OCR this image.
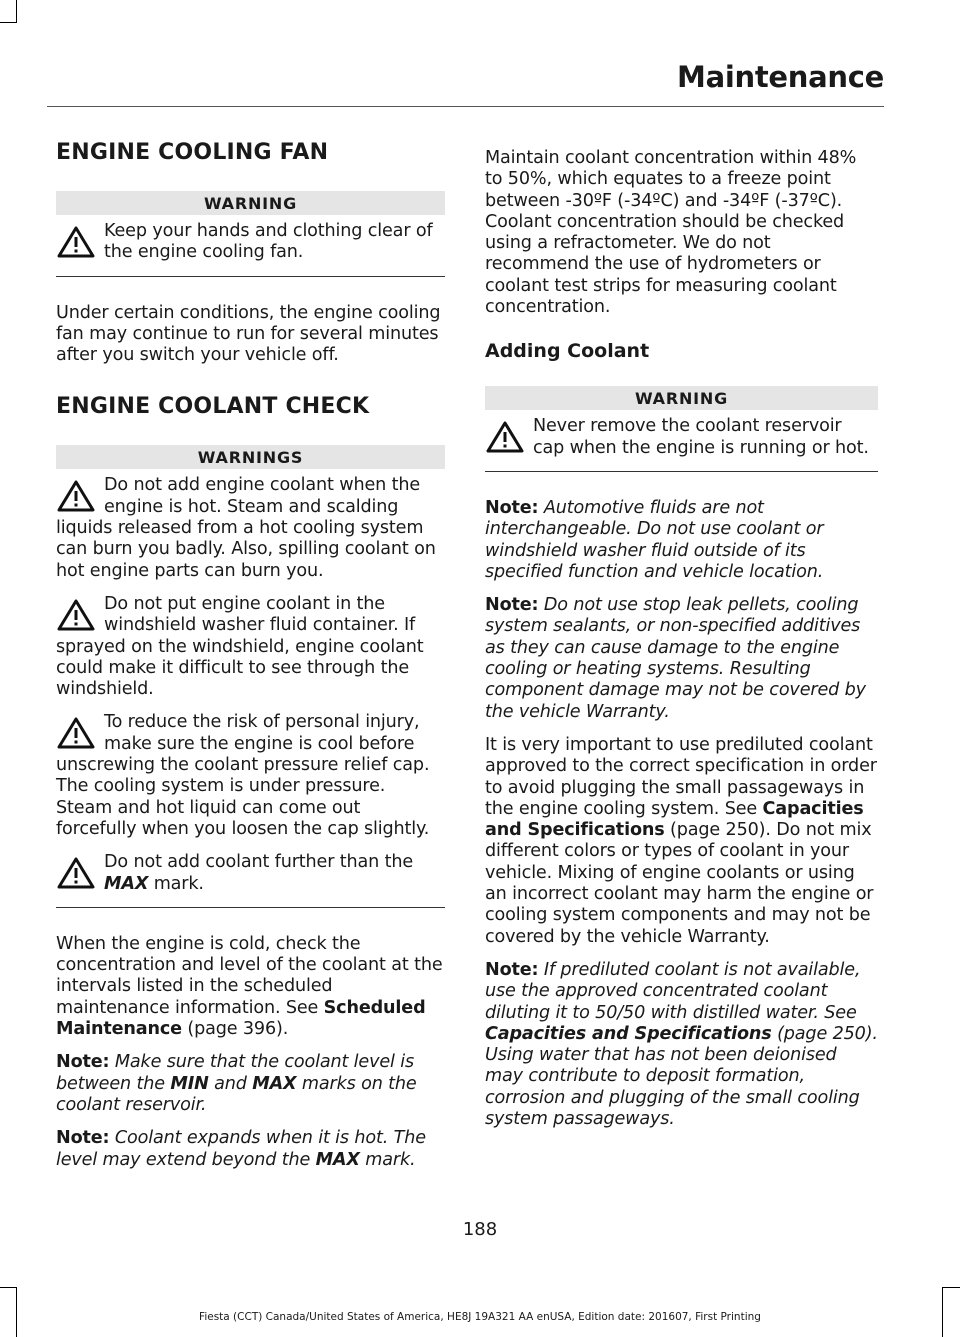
Maintenance
ENGINE COOLING FAN
WARNING
Keep your hands and clothing clear of the engine cooling fan.

Under certain conditions, the engine cooling fan may continue to run for several minutes after you switch your vehicle off.

ENGINE COOLANT CHECK
WARNINGS
Do not add engine coolant when the engine is hot. Steam and scalding liquids released from a hot cooling system can burn you badly. Also, spilling coolant on hot engine parts can burn you.
Do not put engine coolant in the windshield washer fluid container. If sprayed on the windshield, engine coolant could make it difficult to see through the windshield.
To reduce the risk of personal injury, make sure the engine is cool before unscrewing the coolant pressure relief cap. The cooling system is under pressure. Steam and hot liquid can come out forcefully when you loosen the cap slightly.
Do not add coolant further than the MAX mark.

When the engine is cold, check the concentration and level of the coolant at the intervals listed in the scheduled maintenance information. See Scheduled Maintenance (page 396).

Note: Make sure that the coolant level is between the MIN and MAX marks on the coolant reservoir.

Note: Coolant expands when it is hot. The level may extend beyond the MAX mark.

Maintain coolant concentration within 48% to 50%, which equates to a freeze point between -30ºF (-34ºC) and -34ºF (-37ºC). Coolant concentration should be checked using a refractometer. We do not recommend the use of hydrometers or coolant test strips for measuring coolant concentration.

Adding Coolant
WARNING
Never remove the coolant reservoir cap when the engine is running or hot.

Note: Automotive fluids are not interchangeable. Do not use coolant or windshield washer fluid outside of its specified function and vehicle location.

Note: Do not use stop leak pellets, cooling system sealants, or non-specified additives as they can cause damage to the engine cooling or heating systems. Resulting component damage may not be covered by the vehicle Warranty.

It is very important to use prediluted coolant approved to the correct specification in order to avoid plugging the small passageways in the engine cooling system. See Capacities and Specifications (page 250). Do not mix different colors or types of coolant in your vehicle. Mixing of engine coolants or using an incorrect coolant may harm the engine or cooling system components and may not be covered by the vehicle Warranty.

Note: If prediluted coolant is not available, use the approved concentrated coolant diluting it to 50/50 with distilled water. See Capacities and Specifications (page 250). Using water that has not been deionised may contribute to deposit formation, corrosion and plugging of the small cooling system passageways.

188
Fiesta (CCT) Canada/United States of America, HE8J 19A321 AA enUSA, Edition date: 201607, First Printing
